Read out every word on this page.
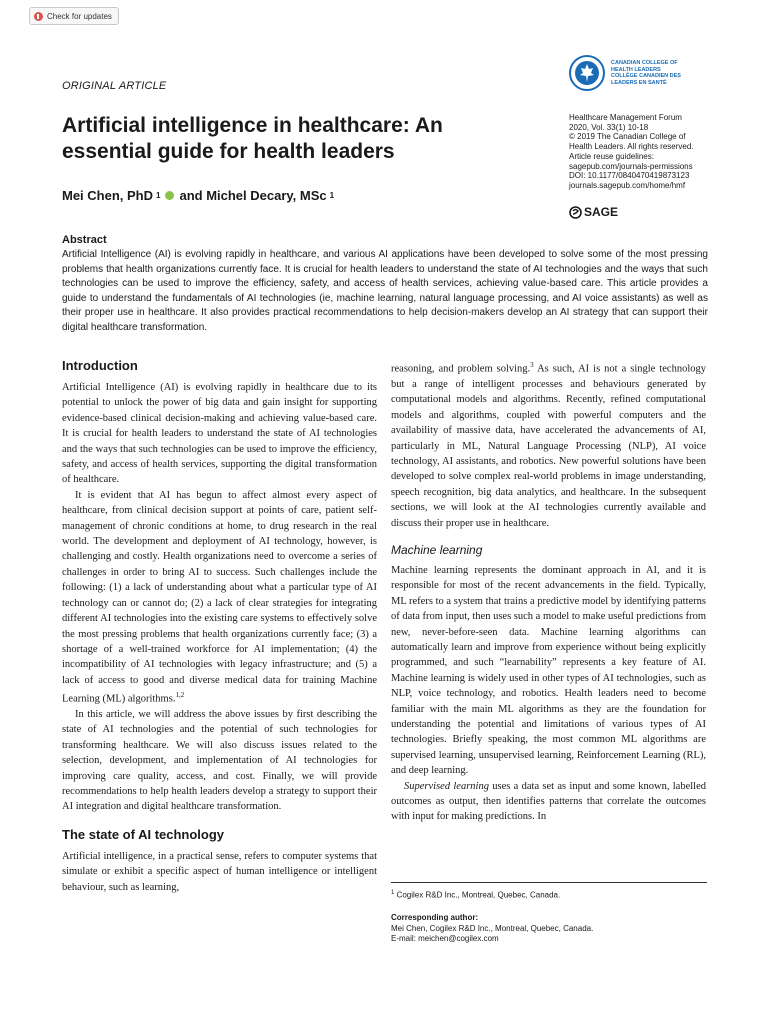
Check for updates
CANADIAN COLLEGE OF
HEALTH LEADERS
COLLÈGE CANADIEN DES
LEADERS EN SANTÉ
ORIGINAL ARTICLE
Artificial intelligence in healthcare: An essential guide for health leaders
Mei Chen, PhD 1 and Michel Decary, MSc 1
Healthcare Management Forum
2020, Vol. 33(1) 10-18
© 2019 The Canadian College of
Health Leaders. All rights reserved.
Article reuse guidelines:
sagepub.com/journals-permissions
DOI: 10.1177/0840470419873123
journals.sagepub.com/home/hmf
SAGE
Abstract
Artificial Intelligence (AI) is evolving rapidly in healthcare, and various AI applications have been developed to solve some of the most pressing problems that health organizations currently face. It is crucial for health leaders to understand the state of AI technologies and the ways that such technologies can be used to improve the efficiency, safety, and access of health services, achieving value-based care. This article provides a guide to understand the fundamentals of AI technologies (ie, machine learning, natural language processing, and AI voice assistants) as well as their proper use in healthcare. It also provides practical recommendations to help decision-makers develop an AI strategy that can support their digital healthcare transformation.
Introduction

Artificial Intelligence (AI) is evolving rapidly in healthcare due to its potential to unlock the power of big data and gain insight for supporting evidence-based clinical decision-making and achieving value-based care. It is crucial for health leaders to understand the state of AI technologies and the ways that such technologies can be used to improve the efficiency, safety, and access of health services, supporting the digital transformation of healthcare.

It is evident that AI has begun to affect almost every aspect of healthcare, from clinical decision support at points of care, patient self-management of chronic conditions at home, to drug research in the real world. The development and deployment of AI technology, however, is challenging and costly. Health organizations need to overcome a series of challenges in order to bring AI to success. Such challenges include the following: (1) a lack of understanding about what a particular type of AI technology can or cannot do; (2) a lack of clear strategies for integrating different AI technologies into the existing care systems to effectively solve the most pressing problems that health organizations currently face; (3) a shortage of a well-trained workforce for AI implementation; (4) the incompatibility of AI technologies with legacy infrastructure; and (5) a lack of access to good and diverse medical data for training Machine Learning (ML) algorithms.$^{1,2}$

In this article, we will address the above issues by first describing the state of AI technologies and the potential of such technologies for transforming healthcare. We will also discuss issues related to the selection, development, and implementation of AI technologies for improving care quality, access, and cost. Finally, we will provide recommendations to help health leaders develop a strategy to support their AI integration and digital healthcare transformation.

The state of AI technology

Artificial intelligence, in a practical sense, refers to computer systems that simulate or exhibit a specific aspect of human intelligence or intelligent behaviour, such as learning,

reasoning, and problem solving.$^3$ As such, AI is not a single technology but a range of intelligent processes and behaviours generated by computational models and algorithms. Recently, refined computational models and algorithms, coupled with powerful computers and the availability of massive data, have accelerated the advancements of AI, particularly in ML, Natural Language Processing (NLP), AI voice technology, AI assistants, and robotics. New powerful solutions have been developed to solve complex real-world problems in image understanding, speech recognition, big data analytics, and healthcare. In the subsequent sections, we will look at the AI technologies currently available and discuss their proper use in healthcare.

Machine learning

Machine learning represents the dominant approach in AI, and it is responsible for most of the recent advancements in the field. Typically, ML refers to a system that trains a predictive model by identifying patterns of data from input, then uses such a model to make useful predictions from new, never-before-seen data. Machine learning algorithms can automatically learn and improve from experience without being explicitly programmed, and such “learnability” represents a key feature of AI. Machine learning is widely used in other types of AI technologies, such as NLP, voice technology, and robotics. Health leaders need to become familiar with the main ML algorithms as they are the foundation for understanding the potential and limitations of various types of AI technologies. Briefly speaking, the most common ML algorithms are supervised learning, unsupervised learning, Reinforcement Learning (RL), and deep learning.

Supervised learning uses a data set as input and some known, labelled outcomes as output, then identifies patterns that correlate the outcomes with input for making predictions. In

$^1$ Cogilex R&D Inc., Montreal, Quebec, Canada.
Corresponding author:
Mei Chen, Cogilex R&D Inc., Montreal, Quebec, Canada.
E-mail: meichen@cogilex.com
